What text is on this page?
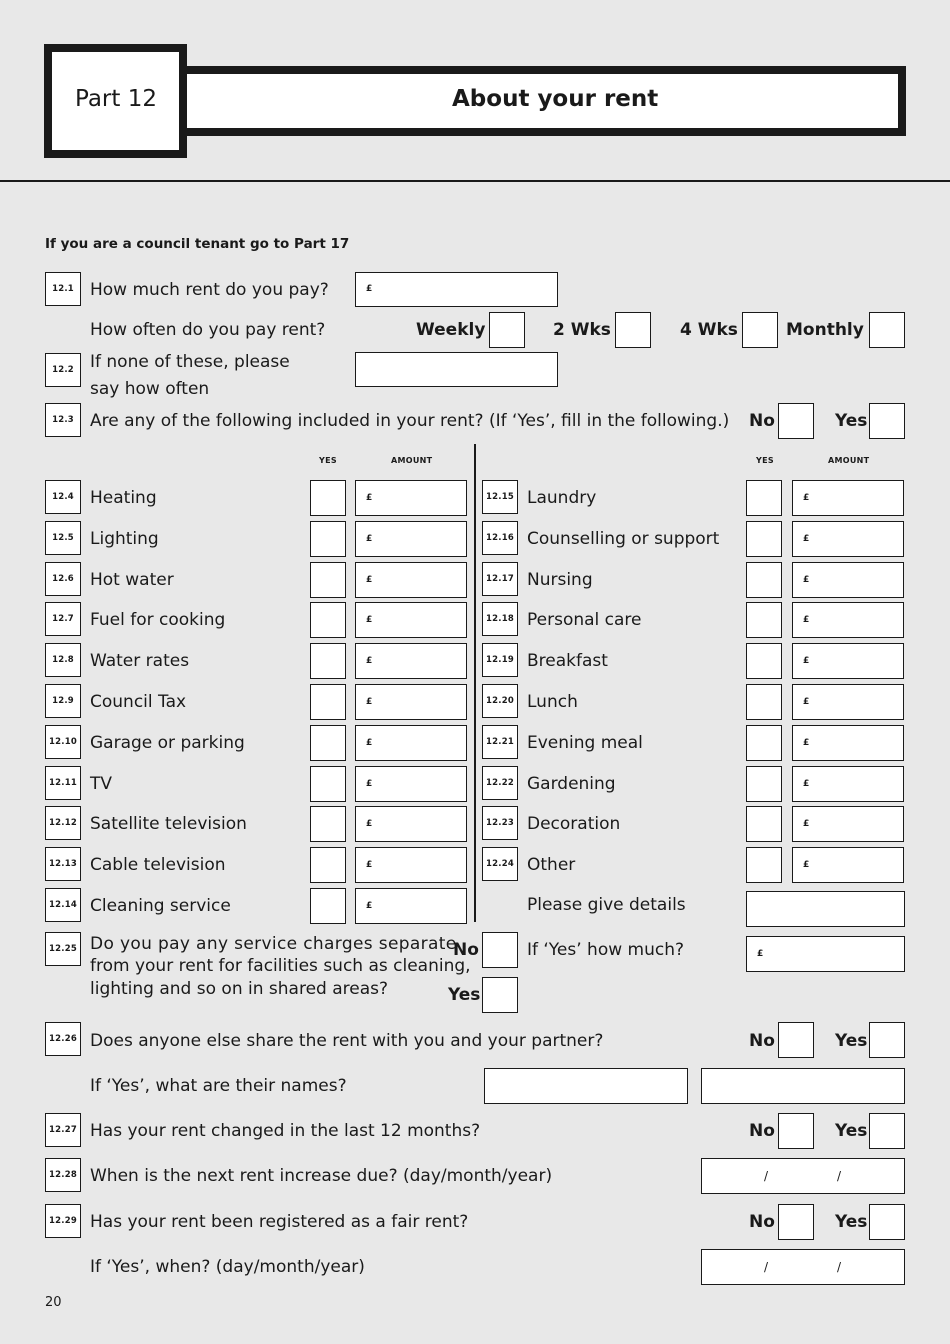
Part 12	About your rent
If you are a council tenant go to Part 17
12.1 How much rent do you pay?	£
How often do you pay rent?	Weekly	2 Wks	4 Wks	Monthly
12.2 If none of these, please
say how often
12.3 Are any of the following included in your rent? (If ‘Yes’, fill in the following.) No	Yes
YES	AMOUNT	YES	AMOUNT
12.4 Heating	£
12.5 Lighting	£
12.6 Hot water	£
12.7 Fuel for cooking	£
12.8 Water rates	£
12.9 Council Tax	£
12.10 Garage or parking	£
12.11 TV	£
12.12 Satellite television	£
12.13 Cable television	£
12.14 Cleaning service	£
12.15 Laundry	£
12.16 Counselling or support	£
12.17 Nursing	£
12.18 Personal care	£
12.19 Breakfast	£
12.20 Lunch	£
12.21 Evening meal	£
12.22 Gardening	£
12.23 Decoration	£
12.24 Other	£
Please give details
12.25 Do you pay any service charges separate
from your rent for facilities such as cleaning,
lighting and so on in shared areas?
No
Yes
If ‘Yes’ how much?	£
12.26 Does anyone else share the rent with you and your partner?	No	Yes
If ‘Yes’, what are their names?
12.27 Has your rent changed in the last 12 months?	No	Yes
12.28 When is the next rent increase due? (day/month/year)	/	/
12.29 Has your rent been registered as a fair rent?	No	Yes
If ‘Yes’, when? (day/month/year)	/	/
20
